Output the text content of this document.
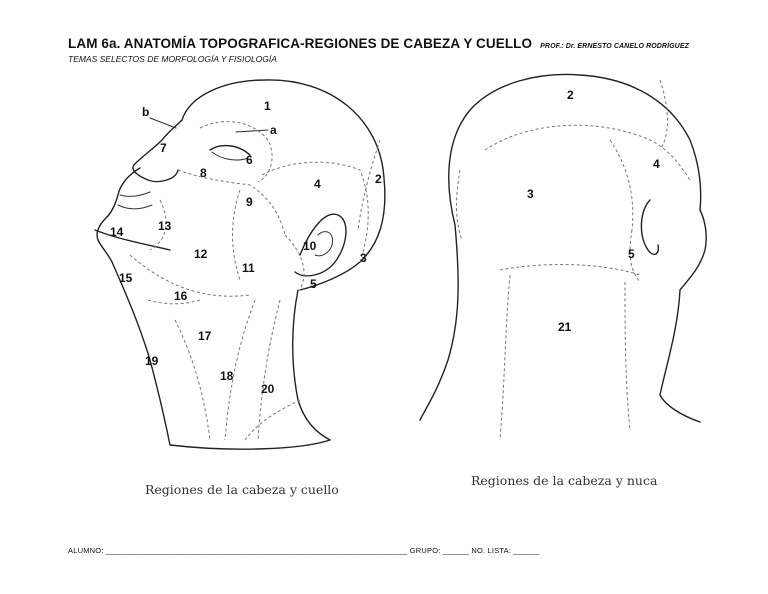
LAM 6a. ANATOMÍA TOPOGRAFICA-REGIONES DE CABEZA Y CUELLO PROF.: Dr. ERNESTO CANELO RODRÍGUEZ
TEMAS SELECTOS DE MORFOLOGÍA Y FISIOLOGÍA
1
a
b
7
6
8
4	2
9
13
14
10
3
12
11
15	5
16
17
19
18
20
Regiones de la cabeza y cuello
2
4
3
5
21
Regiones de la cabeza y nuca
ALUMNO: _____________________________________________________________________ GRUPO: ______ NO. LISTA: ______
